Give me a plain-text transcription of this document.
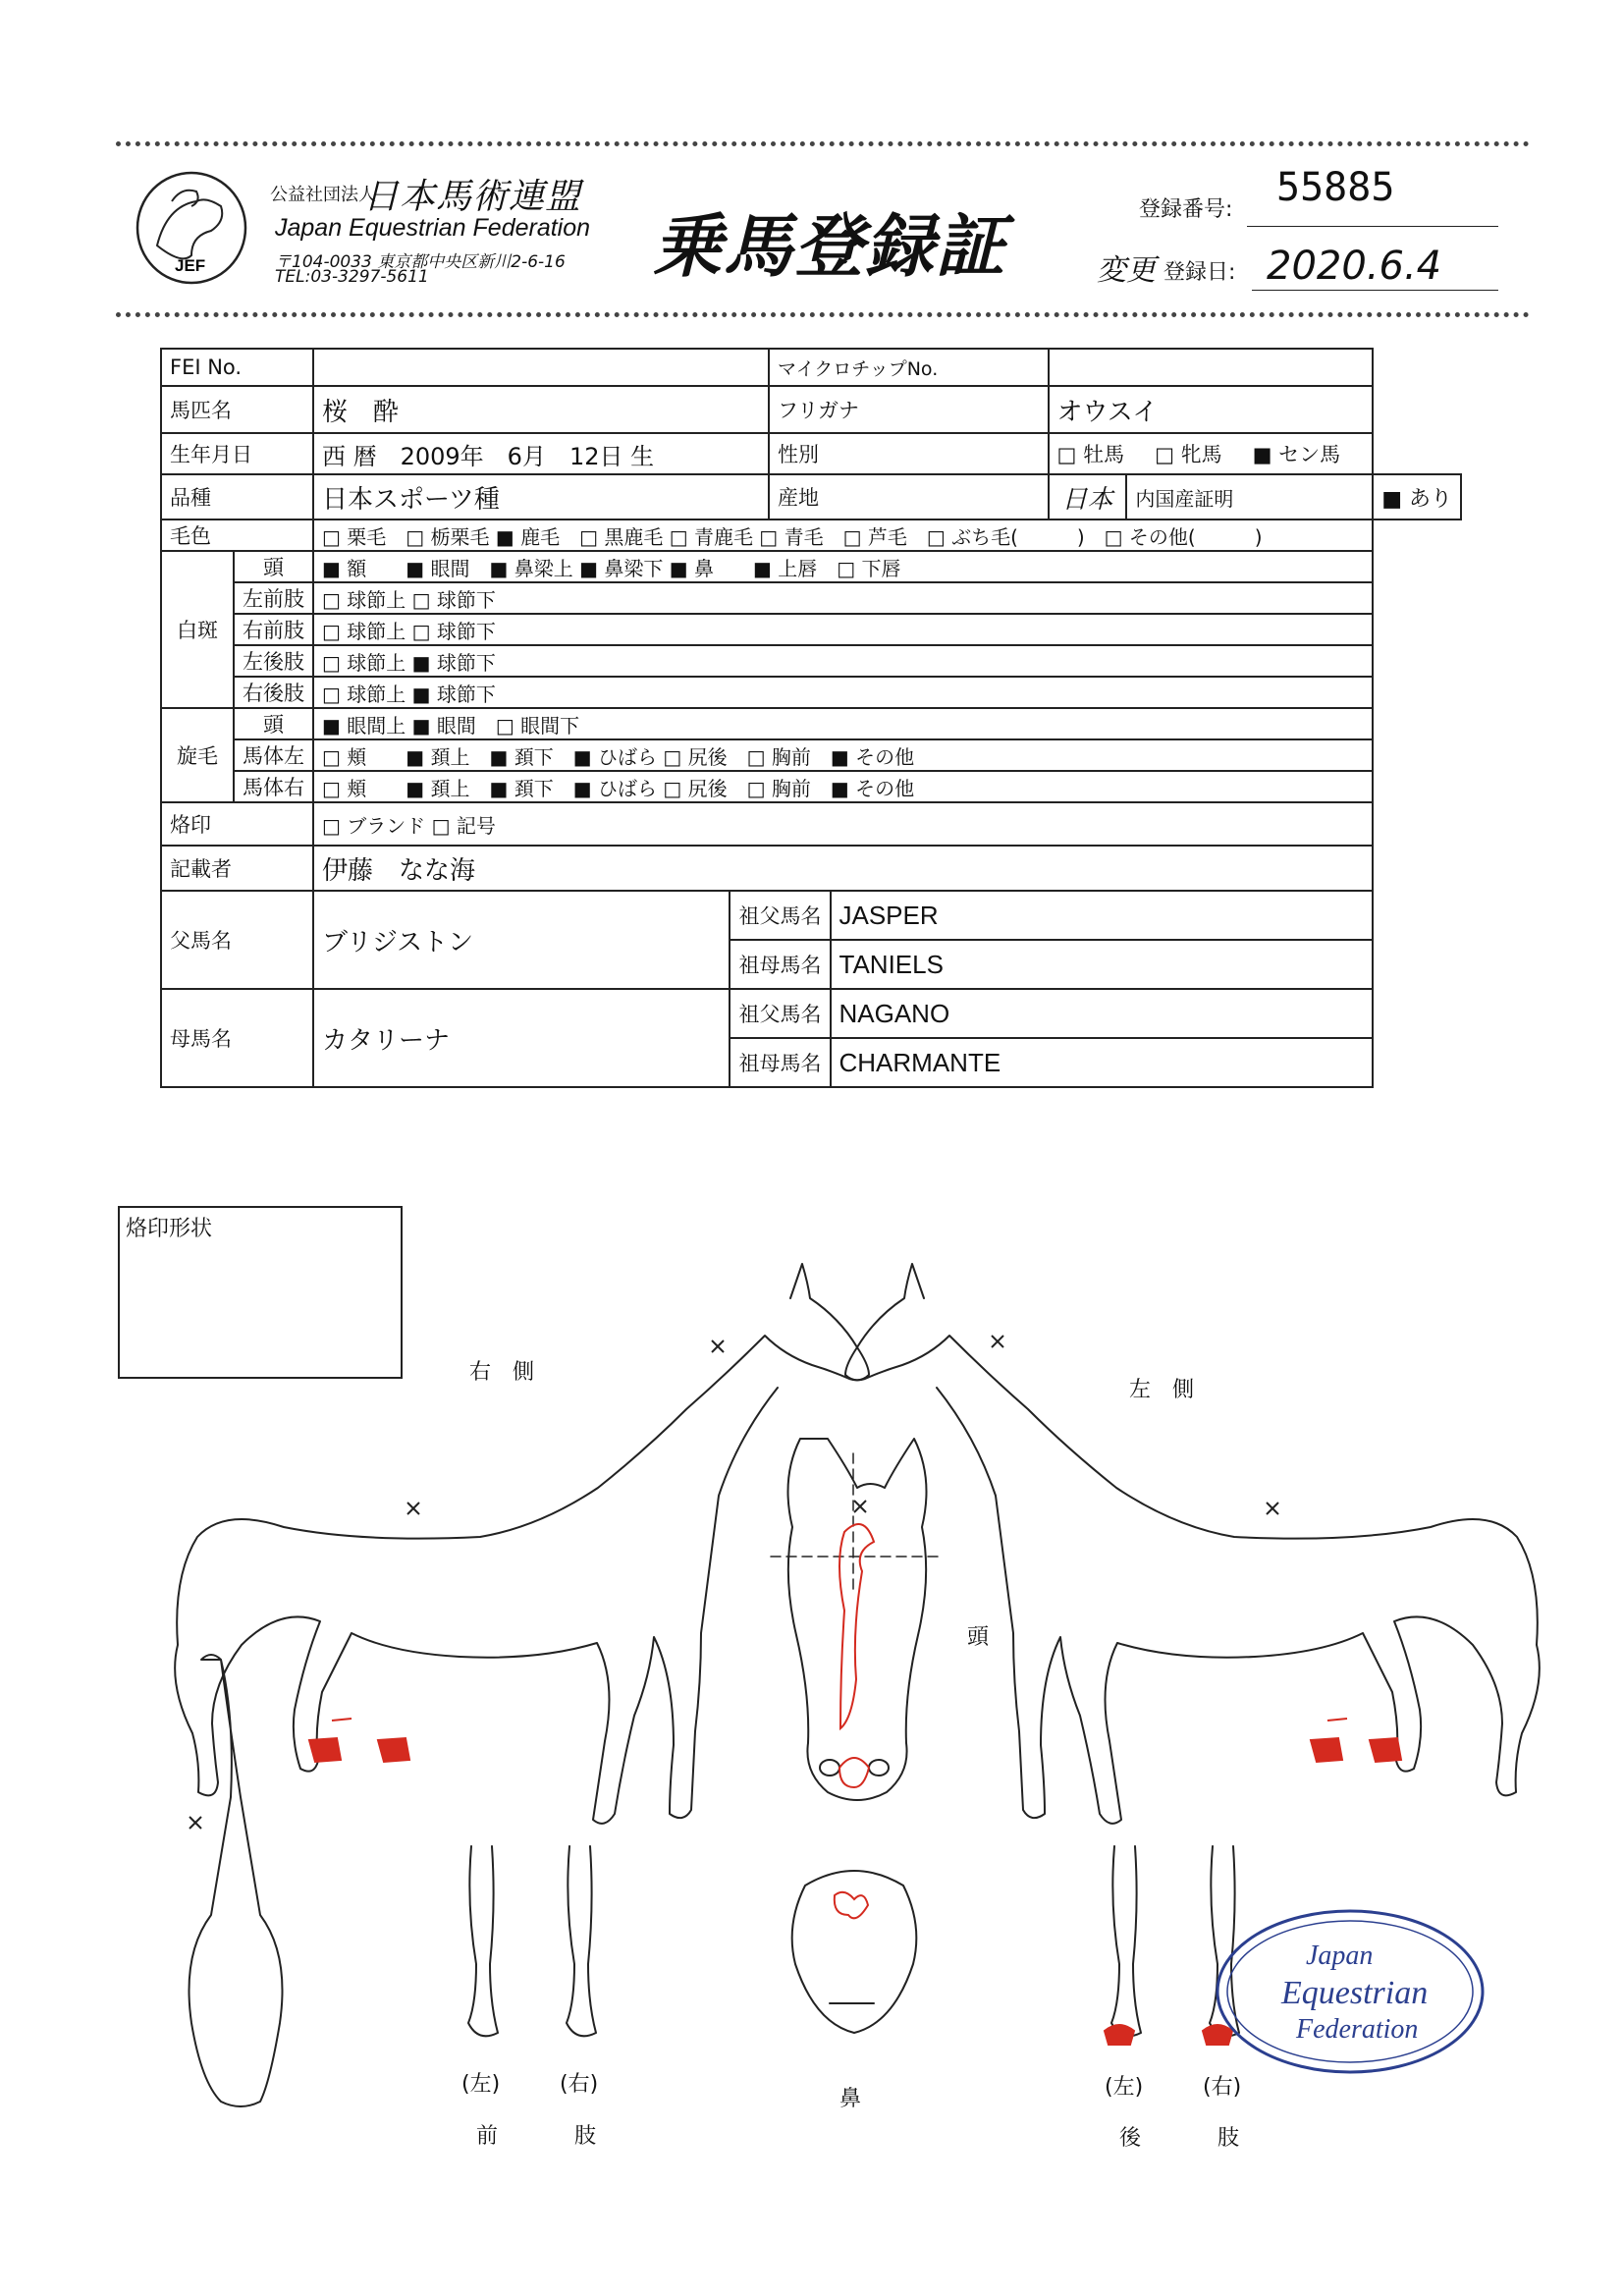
JEF
公益社団法人
日本馬術連盟
Japan Equestrian Federation
〒104-0033 東京都中央区新川2-6-16
TEL:03-3297-5611	乗馬登録証	登録番号: 55885
変更 登録日: 2020.6.4
FEI No.				マイクロチップNo.				
馬匹名		桜　酔		フリガナ		オウスイ		
生年月日		西 暦　2009年　6月　12日 生		性別		□ 牡馬 □ 牝馬 ■ セン馬		
品種		日本スポーツ種		産地		日本	内国産証明	■ あり
毛色		□ 栗毛　□ 栃栗毛 ■ 鹿毛　□ 黒鹿毛 □ 青鹿毛 □ 青毛　□ 芦毛　□ ぶち毛(　　　)　□ その他(　　　)						
白斑	頭	■ 額　　■ 眼間　■ 鼻梁上 ■ 鼻梁下 ■ 鼻　　■ 上唇　□ 下唇						
	左前肢	□ 球節上 □ 球節下						
	右前肢	□ 球節上 □ 球節下						
	左後肢	□ 球節上 ■ 球節下						
	右後肢	□ 球節上 ■ 球節下						
旋毛	頭	■ 眼間上 ■ 眼間　□ 眼間下						
	馬体左	□ 頬　　■ 頚上　■ 頚下　■ ひばら □ 尻後　□ 胸前　■ その他						
	馬体右	□ 頬　　■ 頚上　■ 頚下　■ ひばら □ 尻後　□ 胸前　■ その他						
烙印		□ ブランド □ 記号						
記載者		伊藤　なな海						
父馬名		ブリジストン	祖父馬名		JASPER			
			祖母馬名		TANIELS			
母馬名		カタリーナ	祖父馬名		NAGANO			
			祖母馬名		CHARMANTE			
烙印形状
Japan
Equestrian
Federation
右　側
左　側
頭
鼻
(左)	(右)
前	肢
(左)	(右)
後	肢
